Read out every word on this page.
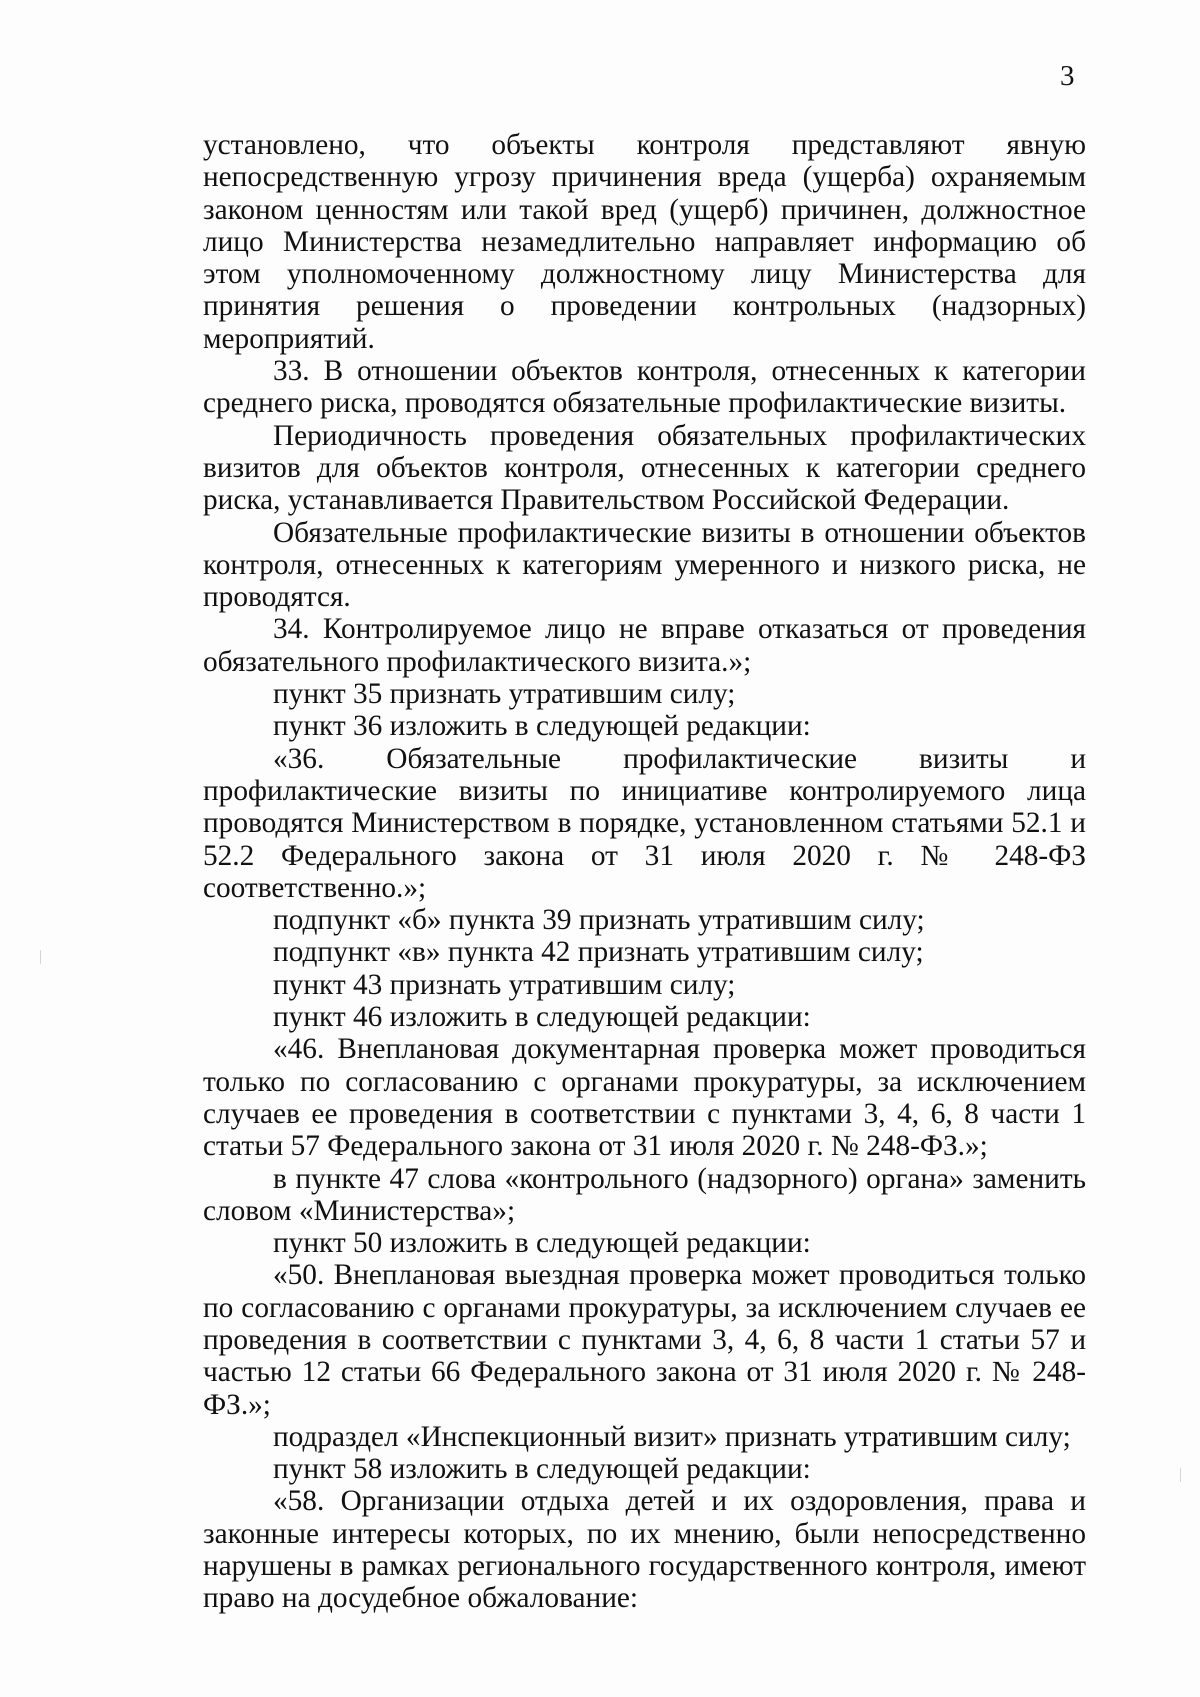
3

установлено, что объекты контроля представляют явную непосредственную угрозу причинения вреда (ущерба) охраняемым законом ценностям или такой вред (ущерб) причинен, должностное лицо Министерства незамедлительно направляет информацию об этом уполномоченному должностному лицу Министерства для принятия решения о проведении контрольных (надзорных) мероприятий.

33. В отношении объектов контроля, отнесенных к категории среднего риска, проводятся обязательные профилактические визиты.

Периодичность проведения обязательных профилактических визитов для объектов контроля, отнесенных к категории среднего риска, устанавливается Правительством Российской Федерации.

Обязательные профилактические визиты в отношении объектов контроля, отнесенных к категориям умеренного и низкого риска, не проводятся.

34. Контролируемое лицо не вправе отказаться от проведения обязательного профилактического визита.»;

пункт 35 признать утратившим силу;

пункт 36 изложить в следующей редакции:

«36. Обязательные профилактические визиты и профилактические визиты по инициативе контролируемого лица проводятся Министерством в порядке, установленном статьями 52.1 и 52.2 Федерального закона от 31 июля 2020 г. № 248-ФЗ соответственно.»;

подпункт «б» пункта 39 признать утратившим силу;

подпункт «в» пункта 42 признать утратившим силу;

пункт 43 признать утратившим силу;

пункт 46 изложить в следующей редакции:

«46. Внеплановая документарная проверка может проводиться только по согласованию с органами прокуратуры, за исключением случаев ее проведения в соответствии с пунктами 3, 4, 6, 8 части 1 статьи 57 Федерального закона от 31 июля 2020 г. № 248-ФЗ.»;

в пункте 47 слова «контрольного (надзорного) органа» заменить словом «Министерства»;

пункт 50 изложить в следующей редакции:

«50. Внеплановая выездная проверка может проводиться только по согласованию с органами прокуратуры, за исключением случаев ее проведения в соответствии с пунктами 3, 4, 6, 8 части 1 статьи 57 и частью 12 статьи 66 Федерального закона от 31 июля 2020 г. № 248-ФЗ.»;

подраздел «Инспекционный визит» признать утратившим силу;

пункт 58 изложить в следующей редакции:

«58. Организации отдыха детей и их оздоровления, права и законные интересы которых, по их мнению, были непосредственно нарушены в рамках регионального государственного контроля, имеют право на досудебное обжалование:
